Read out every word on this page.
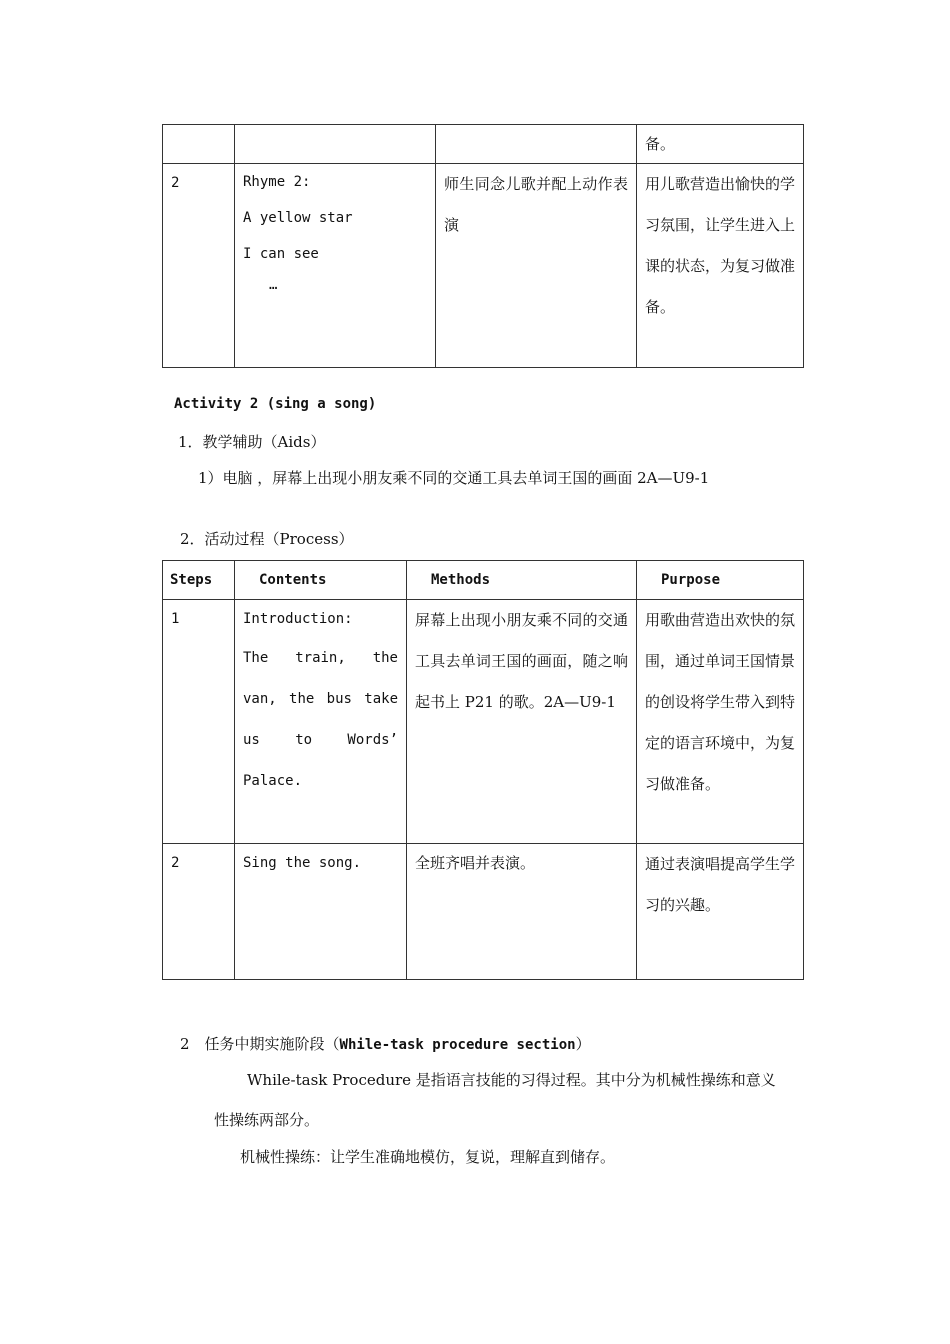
			备。

2	Rhyme 2:
A yellow star
I can see
…	师生同念儿歌并配上动作表演	用儿歌营造出愉快的学习氛围，让学生进入上课的状态，为复习做准备。
Activity 2 (sing a song)
1．教学辅助（Aids）
1）电脑 ，屏幕上出现小朋友乘不同的交通工具去单词王国的画面 2A—U9-1
2．活动过程（Process）
Steps	Contents	Methods	Purpose

1	Introduction:
The train, the van, the bus take us to Words’ Palace.	屏幕上出现小朋友乘不同的交通工具去单词王国的画面，随之响起书上 P21 的歌。2A—U9-1	用歌曲营造出欢快的氛围，通过单词王国情景的创设将学生带入到特定的语言环境中，为复习做准备。

2	Sing the song.	全班齐唱并表演。	通过表演唱提高学生学习的兴趣。
2　任务中期实施阶段（While-task procedure section）
While-task Procedure 是指语言技能的习得过程。其中分为机械性操练和意义
性操练两部分。
机械性操练：让学生准确地模仿，复说，理解直到储存。
